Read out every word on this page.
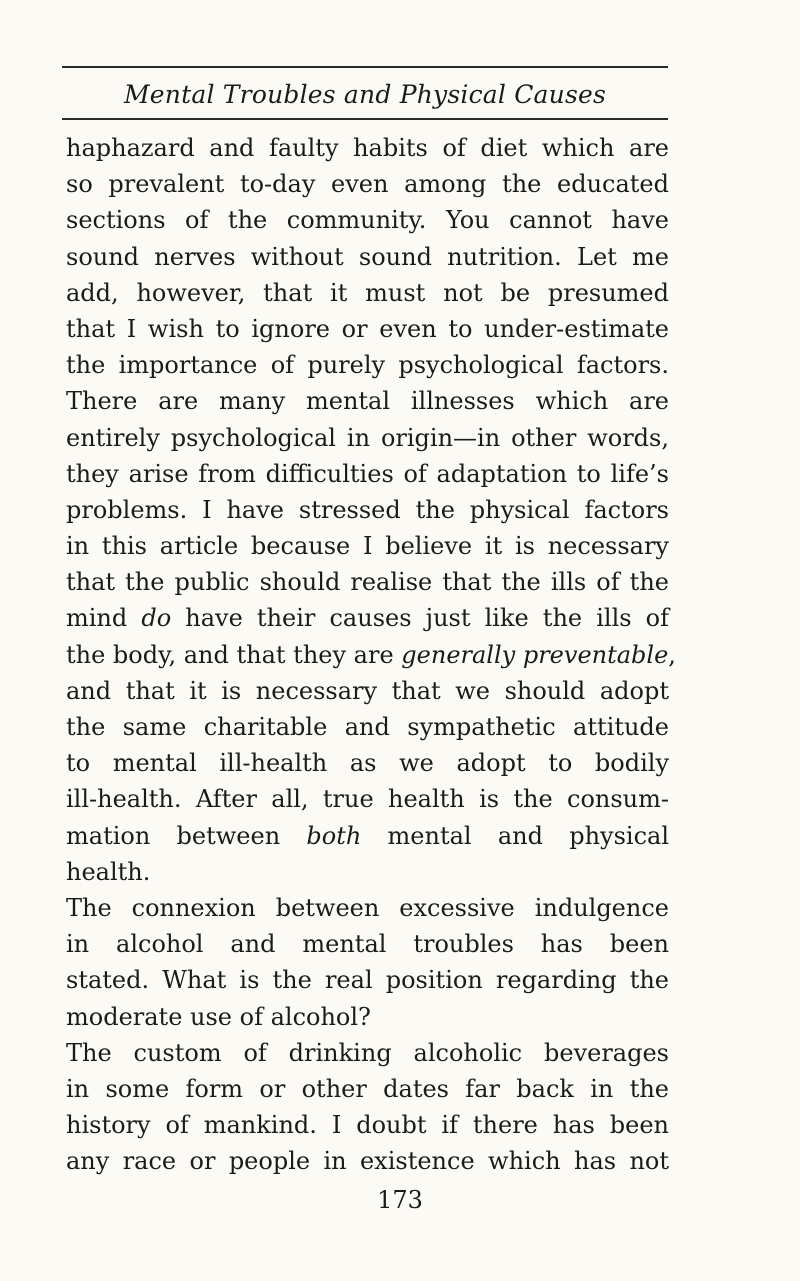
Mental Troubles and Physical Causes
haphazard and faulty habits of diet which are
so prevalent to-day even among the educated
sections of the community. You cannot have
sound nerves without sound nutrition. Let me
add, however, that it must not be presumed
that I wish to ignore or even to under-estimate
the importance of purely psychological factors.
There are many mental illnesses which are
entirely psychological in origin—in other words,
they arise from difficulties of adaptation to life’s
problems. I have stressed the physical factors
in this article because I believe it is necessary
that the public should realise that the ills of the
mind do have their causes just like the ills of
the body, and that they are generally preventable,
and that it is necessary that we should adopt
the same charitable and sympathetic attitude
to mental ill-health as we adopt to bodily
ill-health. After all, true health is the consum-
mation between both mental and physical
health.
The connexion between excessive indulgence
in alcohol and mental troubles has been
stated. What is the real position regarding the
moderate use of alcohol?
The custom of drinking alcoholic beverages
in some form or other dates far back in the
history of mankind. I doubt if there has been
any race or people in existence which has not
173
